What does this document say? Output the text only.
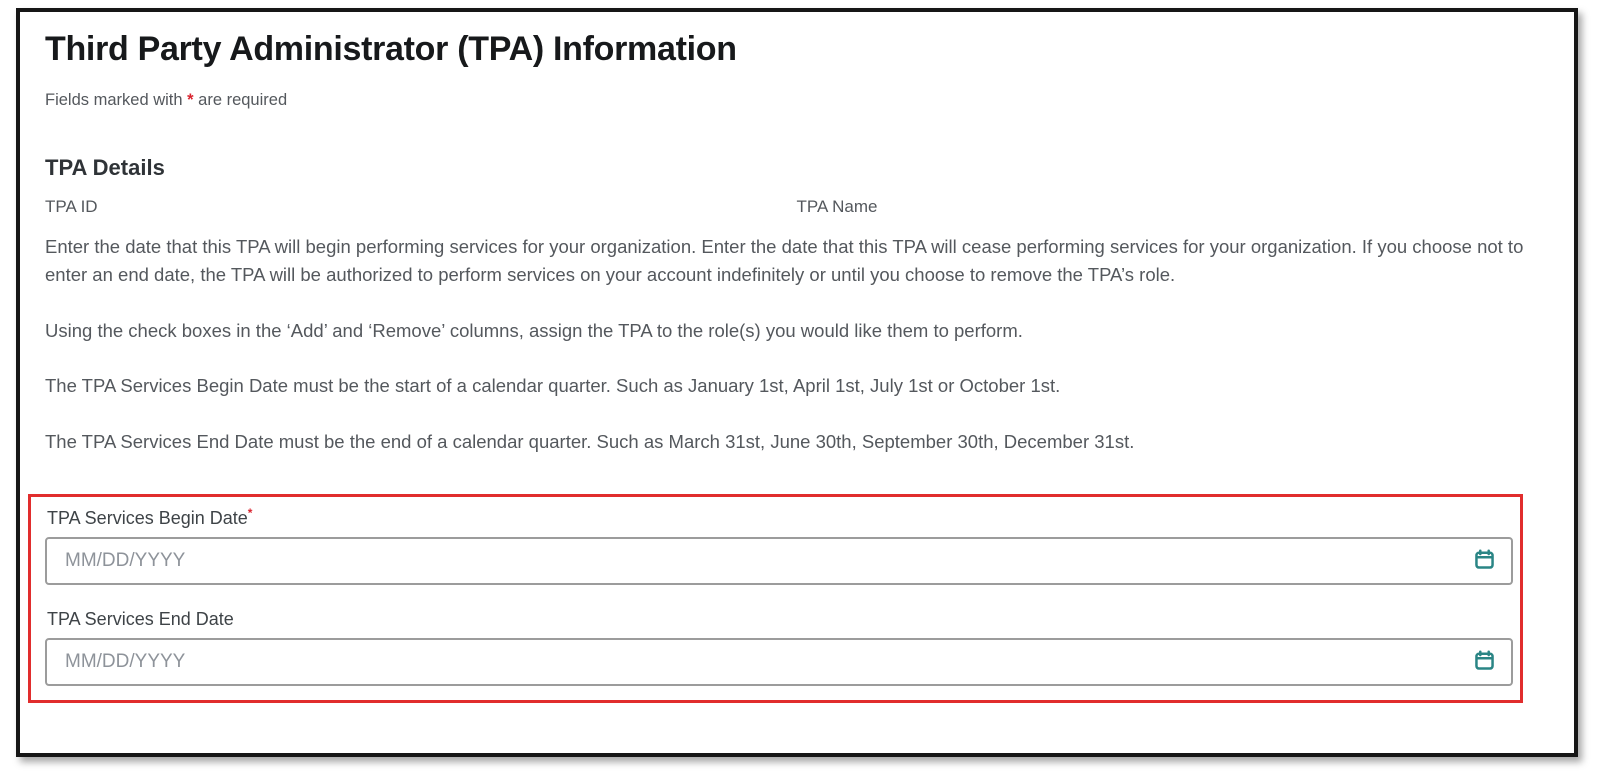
Third Party Administrator (TPA) Information
Fields marked with * are required
TPA Details
TPA ID	TPA Name

Enter the date that this TPA will begin performing services for your organization. Enter the date that this TPA will cease performing services for your organization. If you choose not to enter an end date, the TPA will be authorized to perform services on your account indefinitely or until you choose to remove the TPA’s role.

Using the check boxes in the ‘Add’ and ‘Remove’ columns, assign the TPA to the role(s) you would like them to perform.

The TPA Services Begin Date must be the start of a calendar quarter. Such as January 1st, April 1st, July 1st or October 1st.

The TPA Services End Date must be the end of a calendar quarter. Such as March 31st, June 30th, September 30th, December 31st.

TPA Services Begin Date*
MM/DD/YYYY
TPA Services End Date
MM/DD/YYYY
